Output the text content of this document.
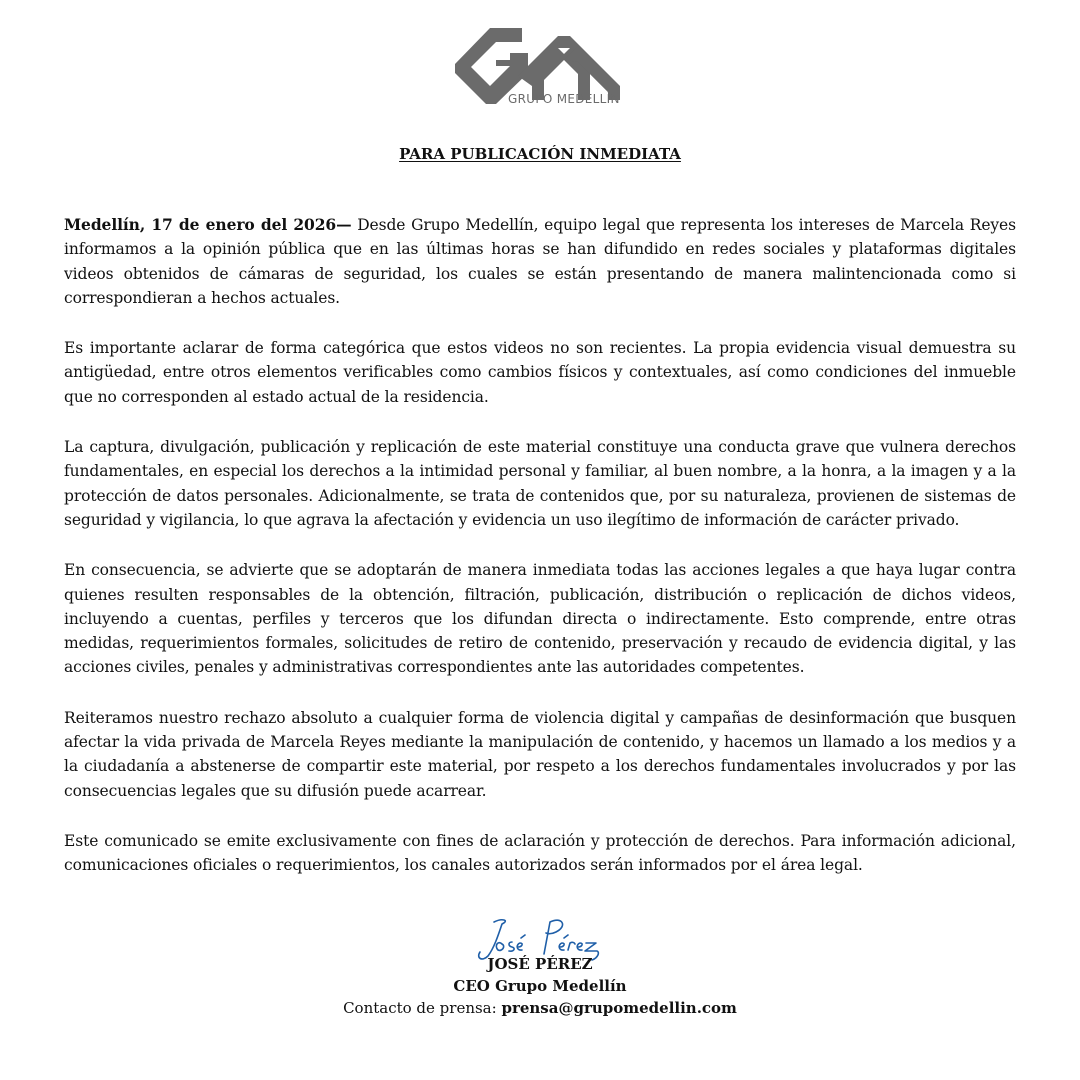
GRUPO MEDELLÍN
PARA PUBLICACIÓN INMEDIATA

Medellín, 17 de enero del 2026— Desde Grupo Medellín, equipo legal que representa los intereses de Marcela Reyes informamos a la opinión pública que en las últimas horas se han difundido en redes sociales y plataformas digitales videos obtenidos de cámaras de seguridad, los cuales se están presentando de manera malintencionada como si correspondieran a hechos actuales.

Es importante aclarar de forma categórica que estos videos no son recientes. La propia evidencia visual demuestra su antigüedad, entre otros elementos verificables como cambios físicos y contextuales, así como condiciones del inmueble que no corresponden al estado actual de la residencia.

La captura, divulgación, publicación y replicación de este material constituye una conducta grave que vulnera derechos fundamentales, en especial los derechos a la intimidad personal y familiar, al buen nombre, a la honra, a la imagen y a la protección de datos personales. Adicionalmente, se trata de contenidos que, por su naturaleza, provienen de sistemas de seguridad y vigilancia, lo que agrava la afectación y evidencia un uso ilegítimo de información de carácter privado.

En consecuencia, se advierte que se adoptarán de manera inmediata todas las acciones legales a que haya lugar contra quienes resulten responsables de la obtención, filtración, publicación, distribución o replicación de dichos videos, incluyendo a cuentas, perfiles y terceros que los difundan directa o indirectamente. Esto comprende, entre otras medidas, requerimientos formales, solicitudes de retiro de contenido, preservación y recaudo de evidencia digital, y las acciones civiles, penales y administrativas correspondientes ante las autoridades competentes.

Reiteramos nuestro rechazo absoluto a cualquier forma de violencia digital y campañas de desinformación que busquen afectar la vida privada de Marcela Reyes mediante la manipulación de contenido, y hacemos un llamado a los medios y a la ciudadanía a abstenerse de compartir este material, por respeto a los derechos fundamentales involucrados y por las consecuencias legales que su difusión puede acarrear.

Este comunicado se emite exclusivamente con fines de aclaración y protección de derechos. Para información adicional, comunicaciones oficiales o requerimientos, los canales autorizados serán informados por el área legal.

JOSÉ PÉREZ
CEO Grupo Medellín
Contacto de prensa: prensa@grupomedellin.com
